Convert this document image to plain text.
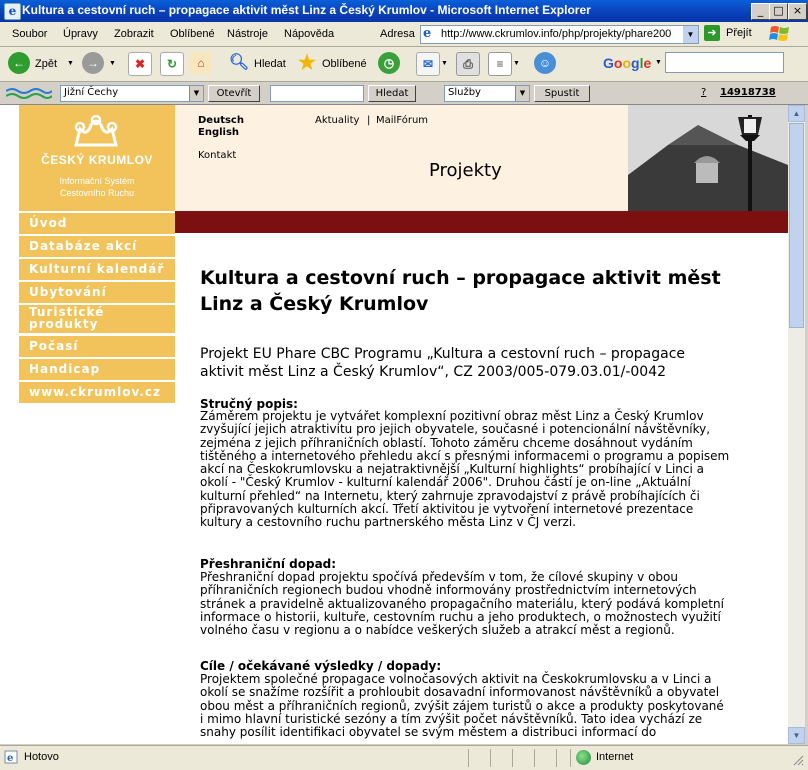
e Kultura a cestovní ruch – propagace aktivit měst Linz a Český Krumlov - Microsoft Internet Explorer	_ □ ×
Soubor Úpravy Zobrazit Oblíbené Nástroje Nápověda	Adresa e http://www.ckrumlov.info/php/projekty/phare200	▼	➜ Přejít
← Zpět ▼	→	▼	✖	↻	⌂	🔍︎ Hledat ★ Oblíbené	◷	✉	▼	⎙	≡	▼	☺	Google ▼
Jižní Čechy	▼	Otevřít	Hledat	Služby	▼	Spustit	? 14918738
ČESKÝ KRUMLOV
Informační Systém
Cestovního Ruchu
Deutsch
English
Aktuality | MailFórum
Kontakt
Projekty
Úvod
Databáze akcí
Kulturní kalendář
Ubytování
Turistické produkty
Počasí
Handicap
www.ckrumlov.cz
Kultura a cestovní ruch – propagace aktivit měst
Linz a Český Krumlov
Projekt EU Phare CBC Programu „Kultura a cestovní ruch – propagace
aktivit měst Linz a Český Krumlov“, CZ 2003/005-079.03.01/-0042
Stručný popis:
Záměrem projektu je vytvářet komplexní pozitivní obraz měst Linz a Český Krumlov
zvyšující jejich atraktivitu pro jejich obyvatele, současné i potencionální návštěvníky,
zejména z jejich příhraničních oblastí. Tohoto záměru chceme dosáhnout vydáním
tištěného a internetového přehledu akcí s přesnými informacemi o programu a popisem
akcí na Českokrumlovsku a nejatraktivnější „Kulturní highlights“ probíhající v Linci a
okolí - "Český Krumlov - kulturní kalendář 2006". Druhou částí je on-line „Aktuální
kulturní přehled“ na Internetu, který zahrnuje zpravodajství z právě probíhajících či
připravovaných kulturních akcí. Třetí aktivitou je vytvoření internetové prezentace
kultury a cestovního ruchu partnerského města Linz v ČJ verzi.
Přeshraniční dopad:
Přeshraniční dopad projektu spočívá především v tom, že cílové skupiny v obou
příhraničních regionech budou vhodně informovány prostřednictvím internetových
stránek a pravidelně aktualizovaného propagačního materiálu, který podává kompletní
informace o historii, kultuře, cestovním ruchu a jeho produktech, o možnostech využití
volného času v regionu a o nabídce veškerých služeb a atrakcí měst a regionů.
Cíle / očekávané výsledky / dopady:
Projektem společné propagace volnočasových aktivit na Českokrumlovsku a v Linci a
okolí se snažíme rozšířit a prohloubit dosavadní informovanost návštěvníků a obyvatel
obou měst a příhraničních regionů, zvýšit zájem turistů o akce a produkty poskytované
i mimo hlavní turistické sezóny a tím zvýšit počet návštěvníků. Tato idea vychází ze
snahy posílit identifikaci obyvatel se svým městem a distribuci informací do
▲
▼
e Hotovo	Internet
